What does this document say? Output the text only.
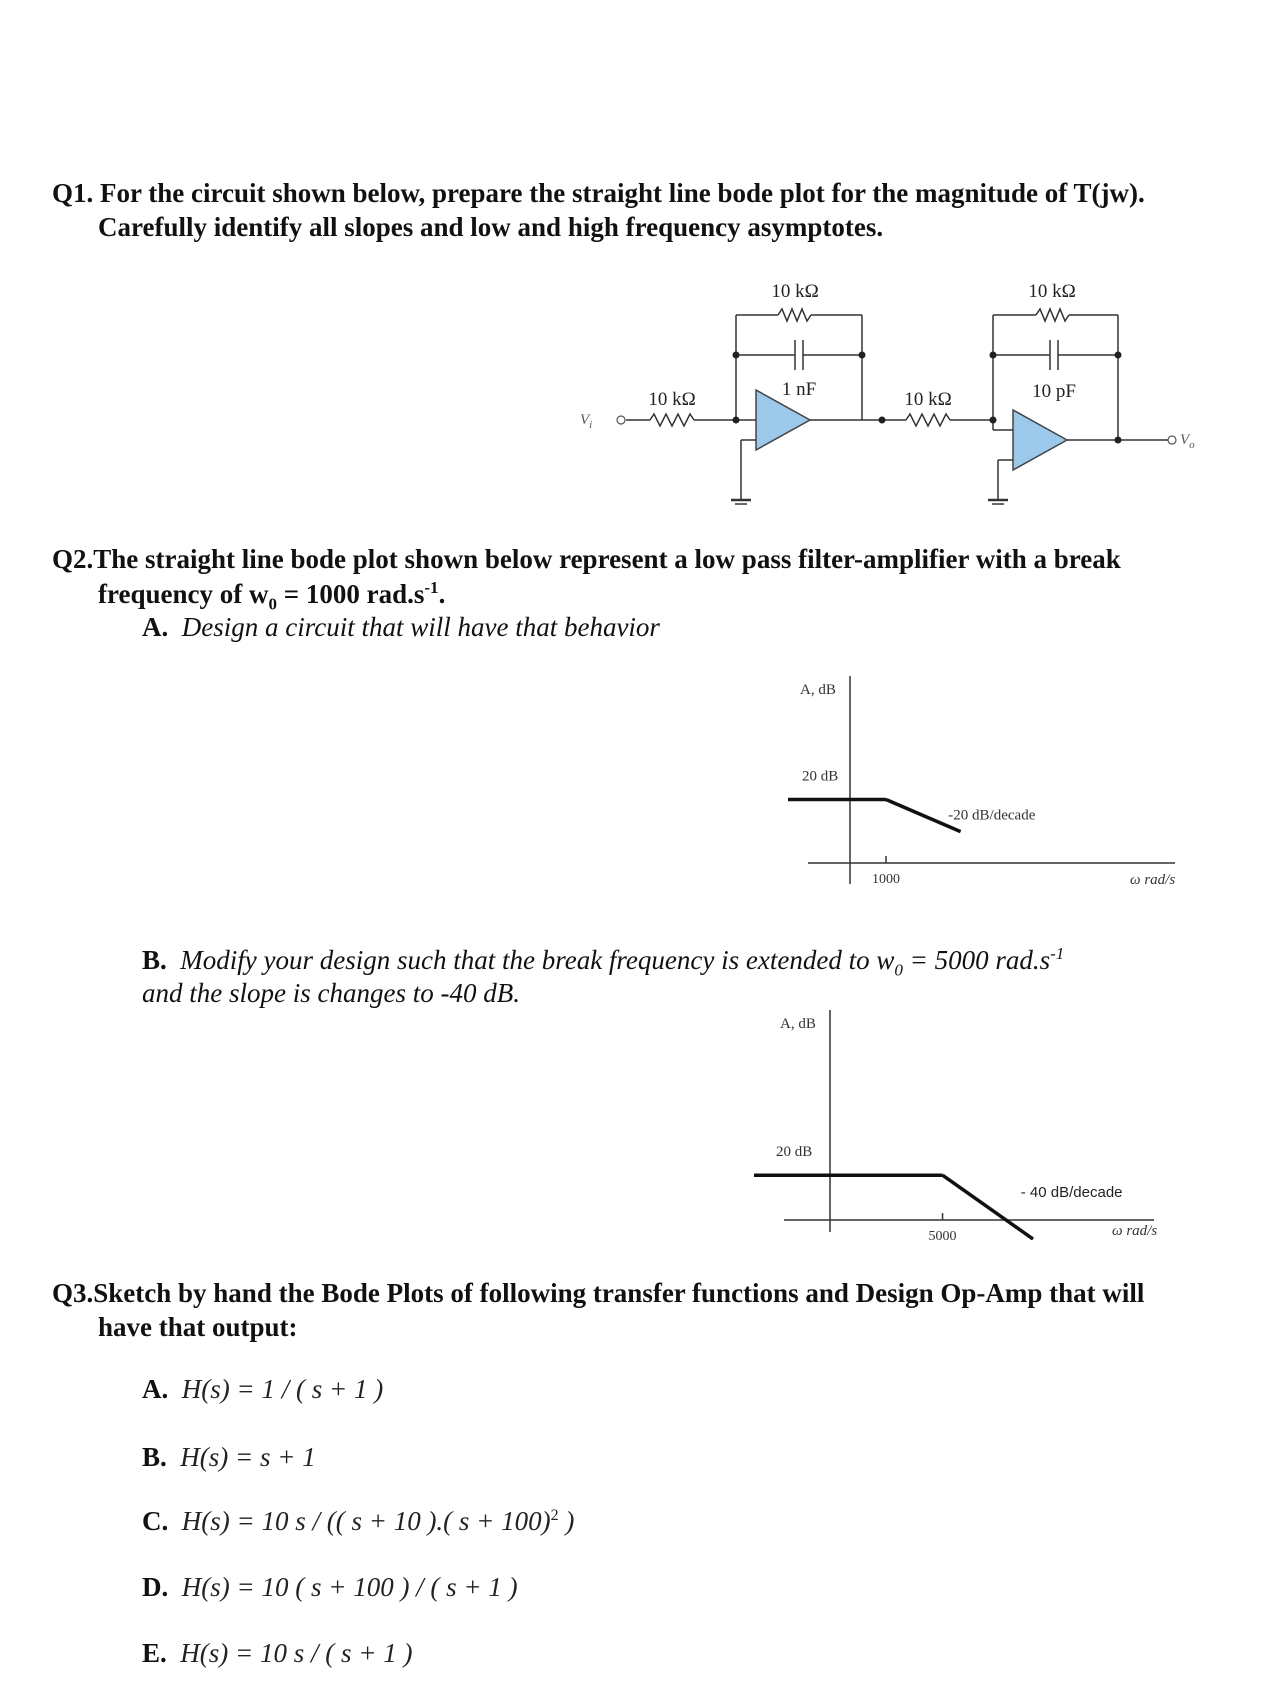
Q1. For the circuit shown below, prepare the straight line bode plot for the magnitude of T(jw).
Carefully identify all slopes and low and high frequency asymptotes.
$V_i$
$V_o$
10 kΩ
10 kΩ
1 nF	10 kΩ
10 kΩ
10 pF
Q2.The straight line bode plot shown below represent a low pass filter-amplifier with a break
frequency of $w_0 = 1000$ $rad.s^{-1}$.
A. Design a circuit that will have that behavior
A, dB
20 dB
-20 dB/decade
1000	ω rad/s
B. Modify your design such that the break frequency is extended to $w_0 = 5000$ $rad.s^{-1}$
and the slope is changes to -40 dB.
A, dB
20 dB
- 40 dB/decade
5000	ω rad/s
Q3.Sketch by hand the Bode Plots of following transfer functions and Design Op-Amp that will
have that output:
A. H(s) = 1 / ( s + 1 )
B. H(s) = s + 1
C. H(s) = 10 s / (( s + 10 ).( s + 100)$^2$ )
D. H(s) = 10 ( s + 100 ) / ( s + 1 )
E. H(s) = 10 s / ( s + 1 )
